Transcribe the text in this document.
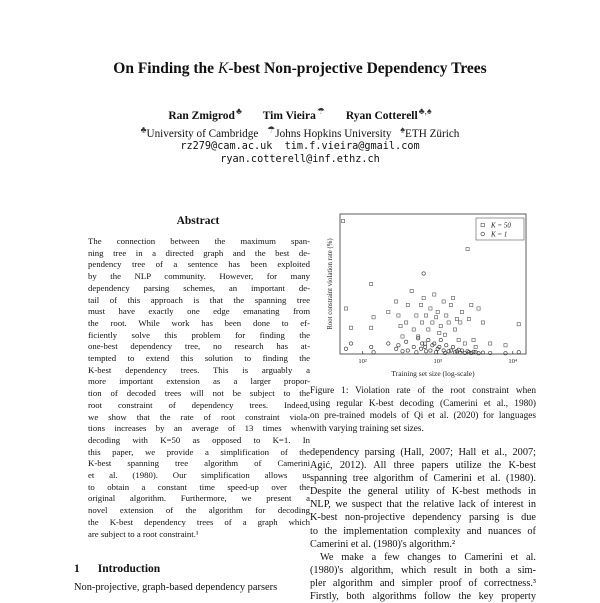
On Finding the K-best Non-projective Dependency Trees
Ran Zmigrod♣ Tim Vieira☂ Ryan Cotterell♣,♠
♣University of Cambridge ☂Johns Hopkins University ♠ETH Zürich
rz279@cam.ac.uk  tim.f.vieira@gmail.com
ryan.cotterell@inf.ethz.ch
Abstract
The connection between the maximum span-
ning tree in a directed graph and the best de-
pendency tree of a sentence has been exploited
by the NLP community. However, for many
dependency parsing schemes, an important de-
tail of this approach is that the spanning tree
must have exactly one edge emanating from
the root. While work has been done to ef-
ficiently solve this problem for finding the
one-best dependency tree, no research has at-
tempted to extend this solution to finding the
K-best dependency trees. This is arguably a
more important extension as a larger propor-
tion of decoded trees will not be subject to the
root constraint of dependency trees. Indeed,
we show that the rate of root constraint viola-
tions increases by an average of 13 times when
decoding with K=50 as opposed to K=1. In
this paper, we provide a simplification of the
K-best spanning tree algorithm of Camerini
et al. (1980). Our simplification allows us
to obtain a constant time speed-up over the
original algorithm. Furthermore, we present a
novel extension of the algorithm for decoding
the K-best dependency trees of a graph which
are subject to a root constraint.¹
1 Introduction
Non-projective, graph-based dependency parsers
10²	10³	10⁴
Training set size (log-scale)
Root constraint violation rate (%)
K = 50
K = 1
Figure 1: Violation rate of the root constraint when
using regular K-best decoding (Camerini et al., 1980)
on pre-trained models of Qi et al. (2020) for languages
with varying training set sizes.
dependency parsing (Hall, 2007; Hall et al., 2007;
Agić, 2012). All three papers utilize the K-best
spanning tree algorithm of Camerini et al. (1980).
Despite the general utility of K-best methods in
NLP, we suspect that the relative lack of interest in
K-best non-projective dependency parsing is due
to the implementation complexity and nuances of
Camerini et al. (1980)'s algorithm.²
We make a few changes to Camerini et al.
(1980)'s algorithm, which result in both a sim-
pler algorithm and simpler proof of correctness.³
Firstly, both algorithms follow the key property
